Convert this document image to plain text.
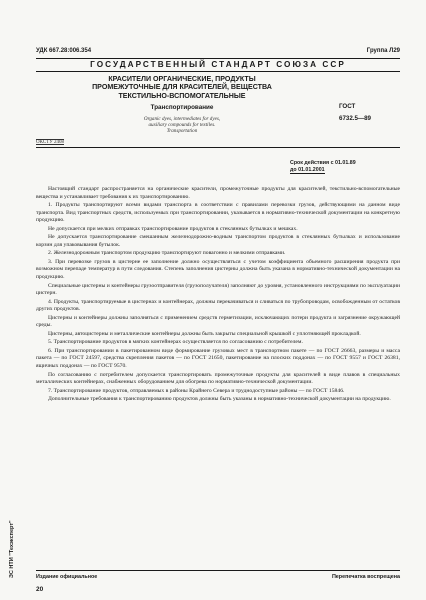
УДК 667.28:006.354	Группа Л29
ГОСУДАРСТВЕННЫЙ СТАНДАРТ СОЮЗА ССР
КРАСИТЕЛИ ОРГАНИЧЕСКИЕ, ПРОДУКТЫ
ПРОМЕЖУТОЧНЫЕ ДЛЯ КРАСИТЕЛЕЙ, ВЕЩЕСТВА
ТЕКСТИЛЬНО-ВСПОМОГАТЕЛЬНЫЕ
Транспортирование
Organic dyes, intermediates for dyes,
auxiliary compounds for textiles.
Transportation
ГОСТ
6732.5—89
ОКСТУ 2408
Срок действия с 01.01.89
до 01.01.2001

Настоящий стандарт распространяется на органические красители, промежуточные продукты для красителей, текстильно-вспомогательные вещества и устанавливает требования к их транспортированию.

1. Продукты транспортируют всеми видами транспорта в соответствии с правилами перевозки грузов, действующими на данном виде транспорта. Вид транспортных средств, используемых при транспортировании, указывается в нормативно-технической документации на конкретную продукцию.

Не допускается при мелких отправках транспортирование продуктов в стеклянных бутылках и мешках.

Не допускается транспортирование смешанным железнодорожно-водным транспортом продуктов в стеклянных бутылках и использование корзин для упаковывания бутылок.

2. Железнодорожным транспортом продукцию транспортируют повагонно и мелкими отправками.

3. При перевозке грузов в цистерне ее заполнение должно осуществляться с учетом коэффициента объемного расширения продукта при возможном перепаде температур в пути следования. Степень заполнения цистерны должна быть указана в нормативно-технической документации на продукцию.

Специальные цистерны и контейнеры грузоотправителя (грузополучателя) заполняют до уровня, установленного инструкциями по эксплуатации цистерн.

4. Продукты, транспортируемые в цистернах и контейнерах, должны перекачиваться и сливаться по трубопроводам, освобожденным от остатков других продуктов.

Цистерны и контейнеры должны заполняться с применением средств герметизации, исключающих потери продукта и загрязнение окружающей среды.

Цистерны, автоцистерны и металлические контейнеры должны быть закрыты специальной крышкой с уплотняющей прокладкой.

5. Транспортирование продуктов в мягких контейнерах осуществляется по согласованию с потребителем.

6. При транспортировании в пакетированном виде формирование грузовых мест в транспортном пакете — по ГОСТ 26663, размеры и масса пакета — по ГОСТ 24597, средства скрепления пакетов — по ГОСТ 21650, пакетирование на плоских поддонах — по ГОСТ 9557 и ГОСТ 26381, ящичных поддонах — по ГОСТ 9570.

По согласованию с потребителем допускается транспортировать промежуточные продукты для красителей в виде плавов в специальных металлических контейнерах, снабженных оборудованием для обогрева по нормативно-технической документации.

7. Транспортирование продуктов, отправляемых в районы Крайнего Севера и труднодоступные районы — по ГОСТ 15846.

Дополнительные требования к транспортированию продуктов должны быть указаны в нормативно-технической документации на продукцию.

ЭС НТИ "Техэксперт"	Издание официальное	Перепечатка воспрещена
20
